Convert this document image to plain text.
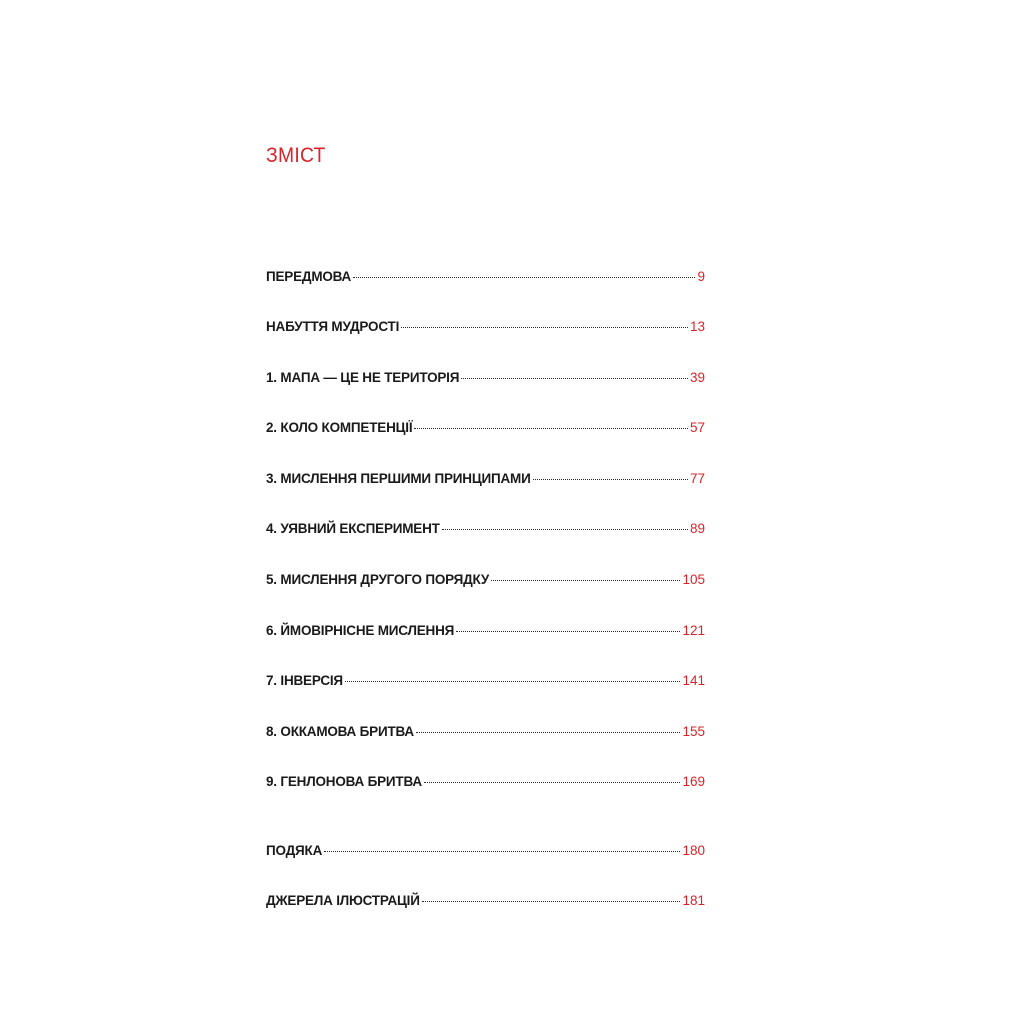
ЗМІСТ
ПЕРЕДМОВА	9
НАБУТТЯ МУДРОСТІ	13
1. МАПА — ЦЕ НЕ ТЕРИТОРІЯ	39
2. КОЛО КОМПЕТЕНЦІЇ	57
3. МИСЛЕННЯ ПЕРШИМИ ПРИНЦИПАМИ	77
4. УЯВНИЙ ЕКСПЕРИМЕНТ	89
5. МИСЛЕННЯ ДРУГОГО ПОРЯДКУ	105
6. ЙМОВІРНІСНЕ МИСЛЕННЯ	121
7. ІНВЕРСІЯ	141
8. ОККАМОВА БРИТВА	155
9. ГЕНЛОНОВА БРИТВА	169
ПОДЯКА	180
ДЖЕРЕЛА ІЛЮСТРАЦІЙ	181
